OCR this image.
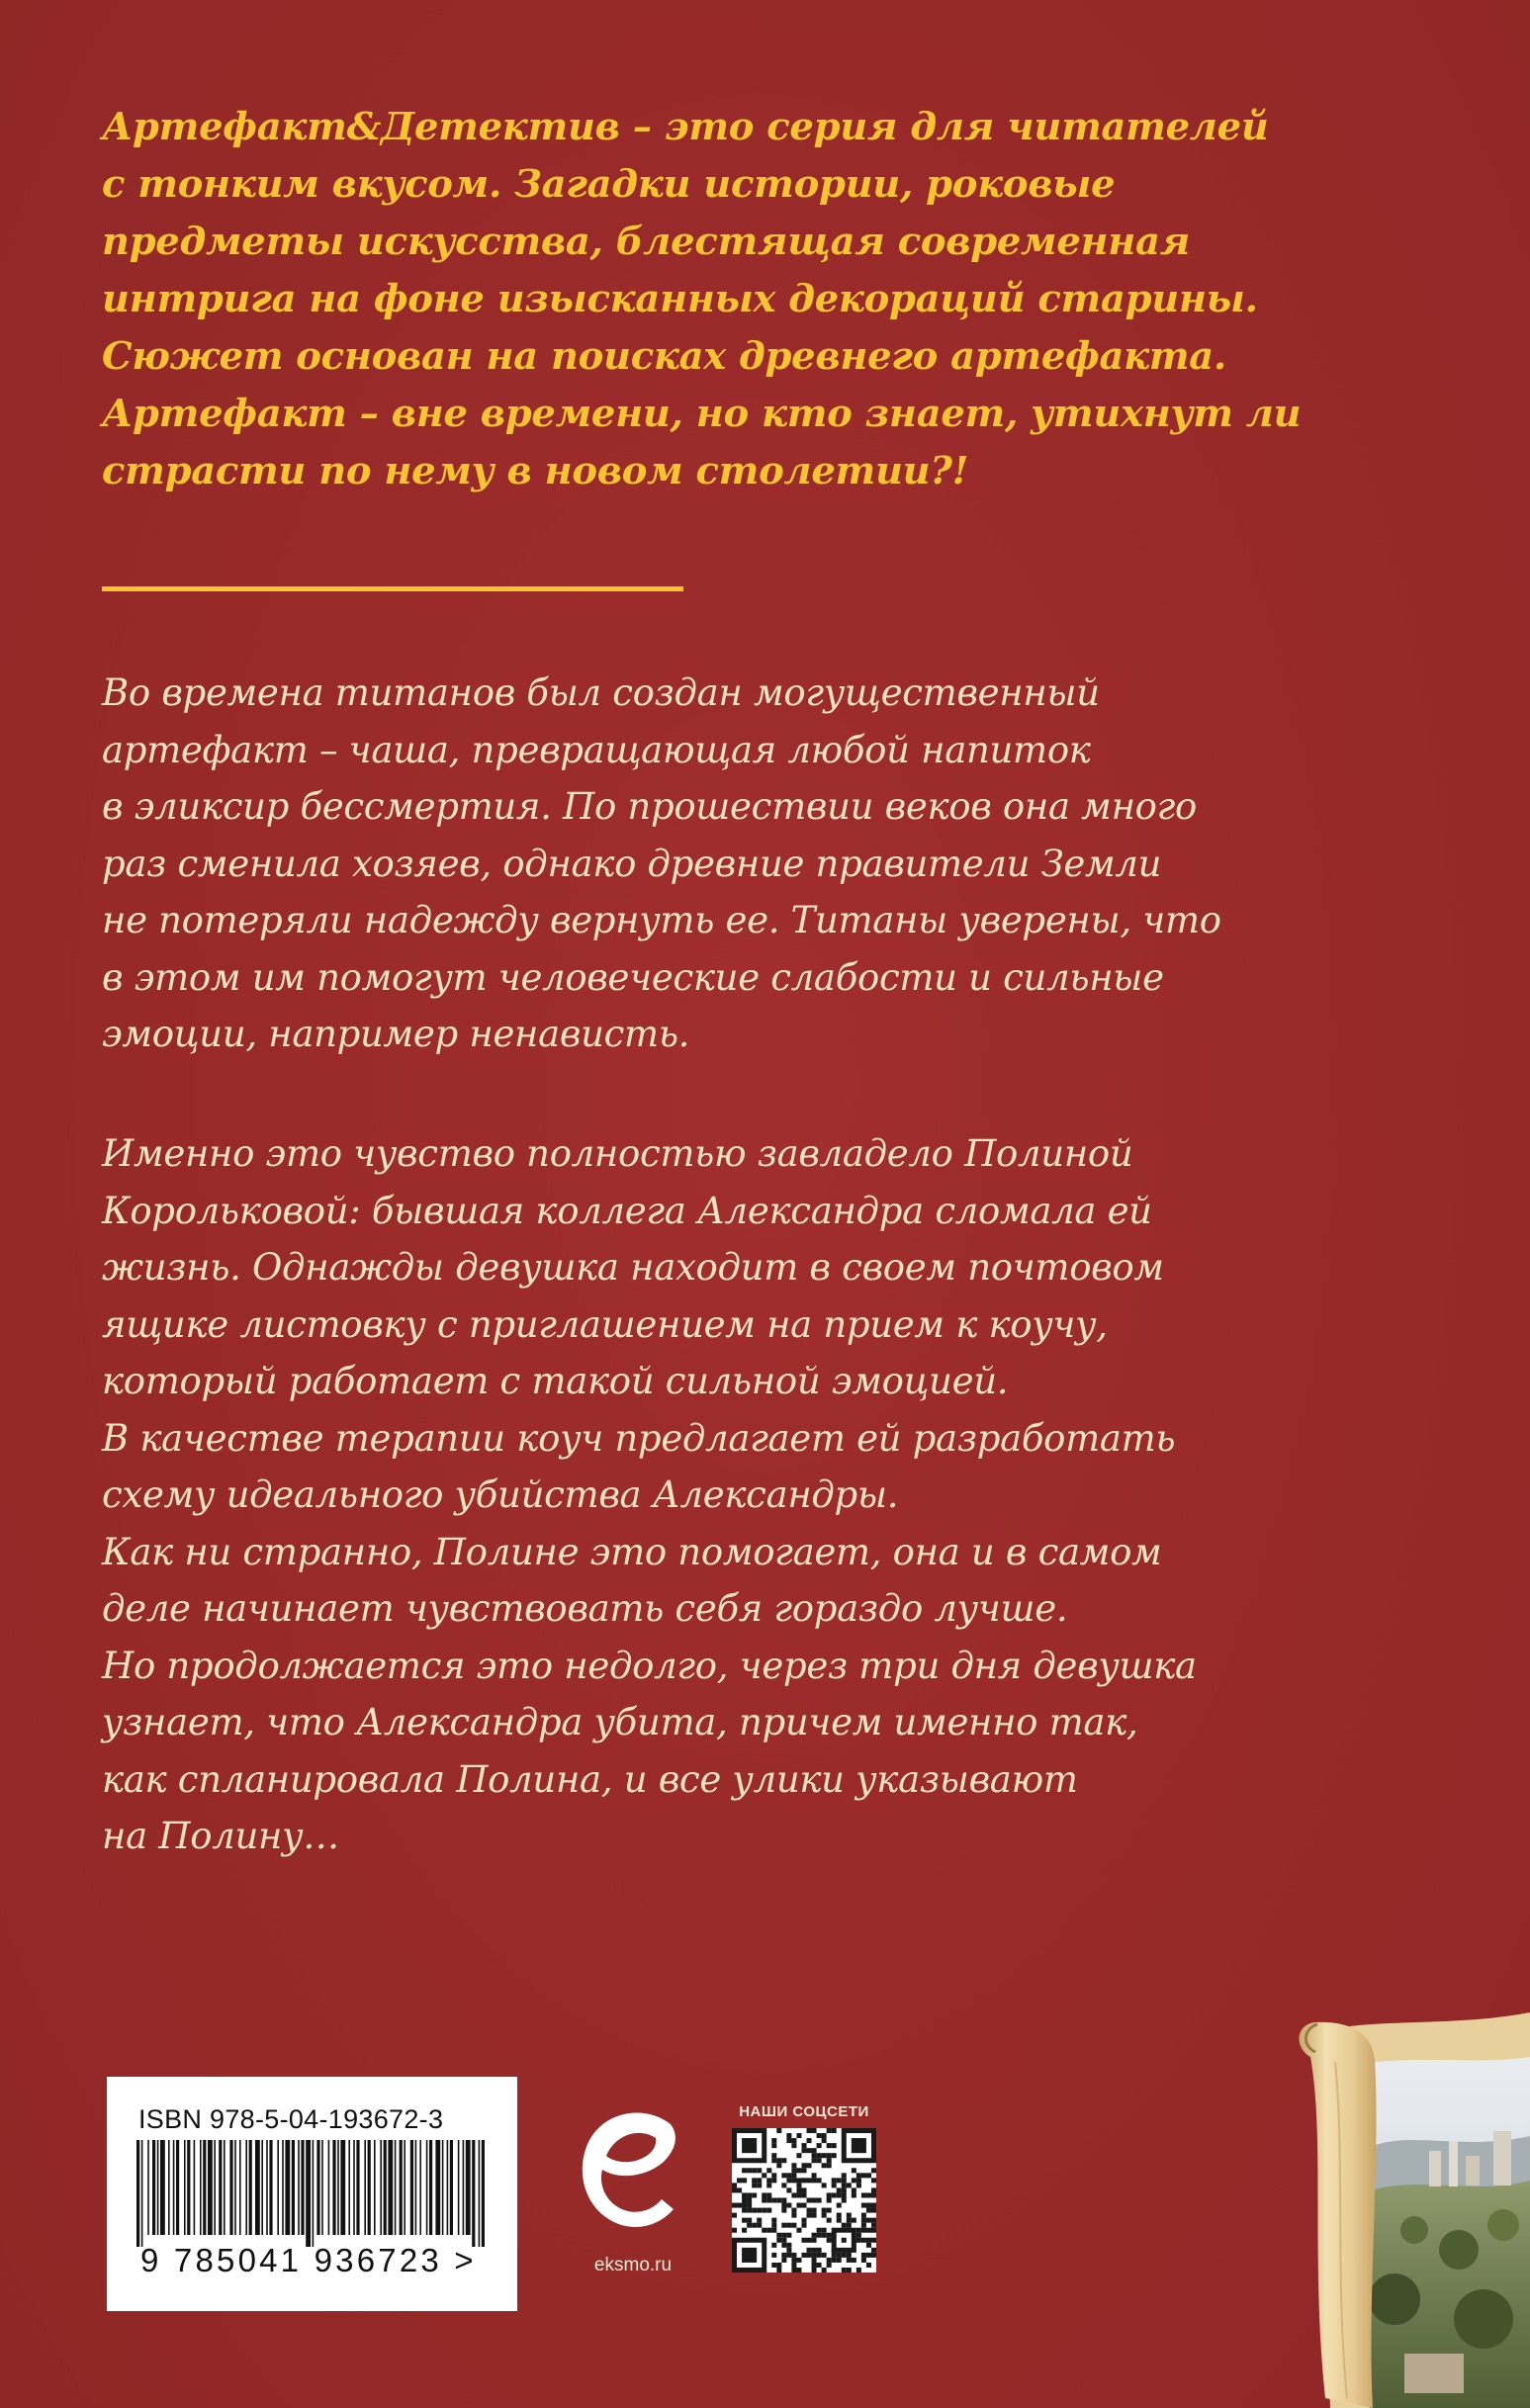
Артефакт&Детектив – это серия для читателей
с тонким вкусом. Загадки истории, роковые
предметы искусства, блестящая современная
интрига на фоне изысканных декораций старины.
Сюжет основан на поисках древнего артефакта.
Артефакт – вне времени, но кто знает, утихнут ли
страсти по нему в новом столетии?!
Во времена титанов был создан могущественный
артефакт – чаша, превращающая любой напиток
в эликсир бессмертия. По прошествии веков она много
раз сменила хозяев, однако древние правители Земли
не потеряли надежду вернуть ее. Титаны уверены, что
в этом им помогут человеческие слабости и сильные
эмоции, например ненависть.
Именно это чувство полностью завладело Полиной
Корольковой: бывшая коллега Александра сломала ей
жизнь. Однажды девушка находит в своем почтовом
ящике листовку с приглашением на прием к коучу,
который работает с такой сильной эмоцией.
В качестве терапии коуч предлагает ей разработать
схему идеального убийства Александры.
Как ни странно, Полине это помогает, она и в самом
деле начинает чувствовать себя гораздо лучше.
Но продолжается это недолго, через три дня девушка
узнает, что Александра убита, причем именно так,
как спланировала Полина, и все улики указывают
на Полину…
ISBN 978-5-04-193672-3
9 785041 936723 >	eksmo.ru
НАШИ СОЦСЕТИ
